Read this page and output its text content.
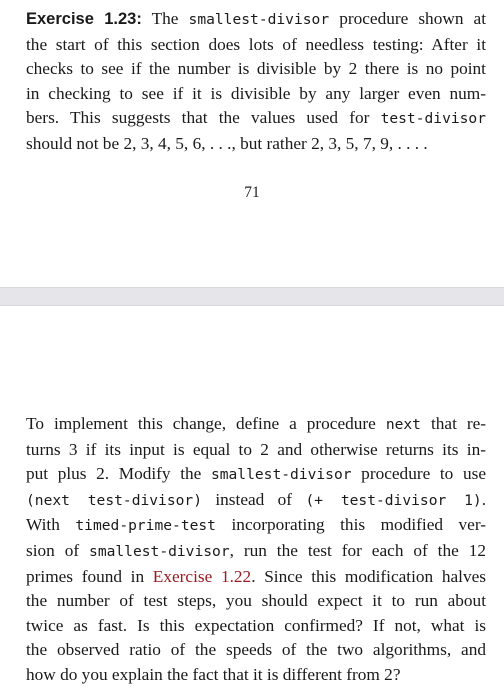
Exercise 1.23: The smallest-divisor procedure shown at
the start of this section does lots of needless testing: After it
checks to see if the number is divisible by 2 there is no point
in checking to see if it is divisible by any larger even num-
bers. This suggests that the values used for test-divisor
should not be 2, 3, 4, 5, 6, . . ., but rather 2, 3, 5, 7, 9, . . . .

71

To implement this change, define a procedure next that re-
turns 3 if its input is equal to 2 and otherwise returns its in-
put plus 2. Modify the smallest-divisor procedure to use
(next test-divisor) instead of (+ test-divisor 1).
With timed-prime-test incorporating this modified ver-
sion of smallest-divisor, run the test for each of the 12
primes found in Exercise 1.22. Since this modification halves
the number of test steps, you should expect it to run about
twice as fast. Is this expectation confirmed? If not, what is
the observed ratio of the speeds of the two algorithms, and
how do you explain the fact that it is different from 2?
